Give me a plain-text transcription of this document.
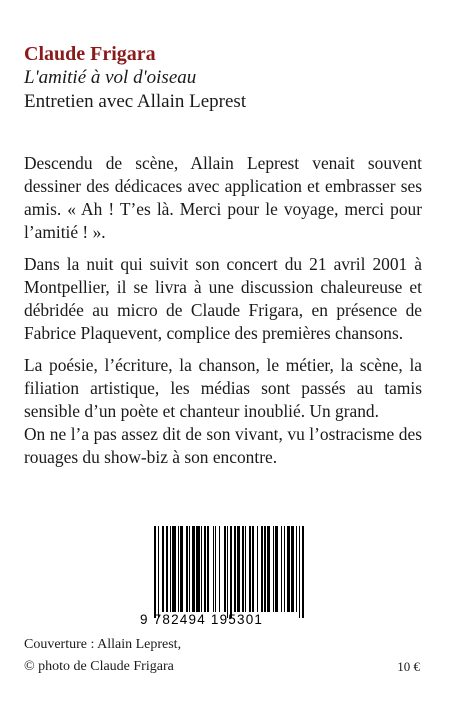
Claude Frigara
L'amitié à vol d'oiseau
Entretien avec Allain Leprest

Descendu de scène, Allain Leprest venait souvent dessiner des dédicaces avec application et embrasser ses amis. « Ah ! T’es là. Merci pour le voyage, merci pour l’amitié ! ».

Dans la nuit qui suivit son concert du 21 avril 2001 à Montpellier, il se livra à une discussion chaleureuse et débridée au micro de Claude Frigara, en présence de Fabrice Plaquevent, complice des premières chansons.

La poésie, l’écriture, la chanson, le métier, la scène, la filiation artistique, les médias sont passés au tamis sensible d’un poète et chanteur inoublié. Un grand.

On ne l’a pas assez dit de son vivant, vu l’ostracisme des rouages du show-biz à son encontre.

9 782494 195301
Couverture : Allain Leprest,
© photo de Claude Frigara	10 €
